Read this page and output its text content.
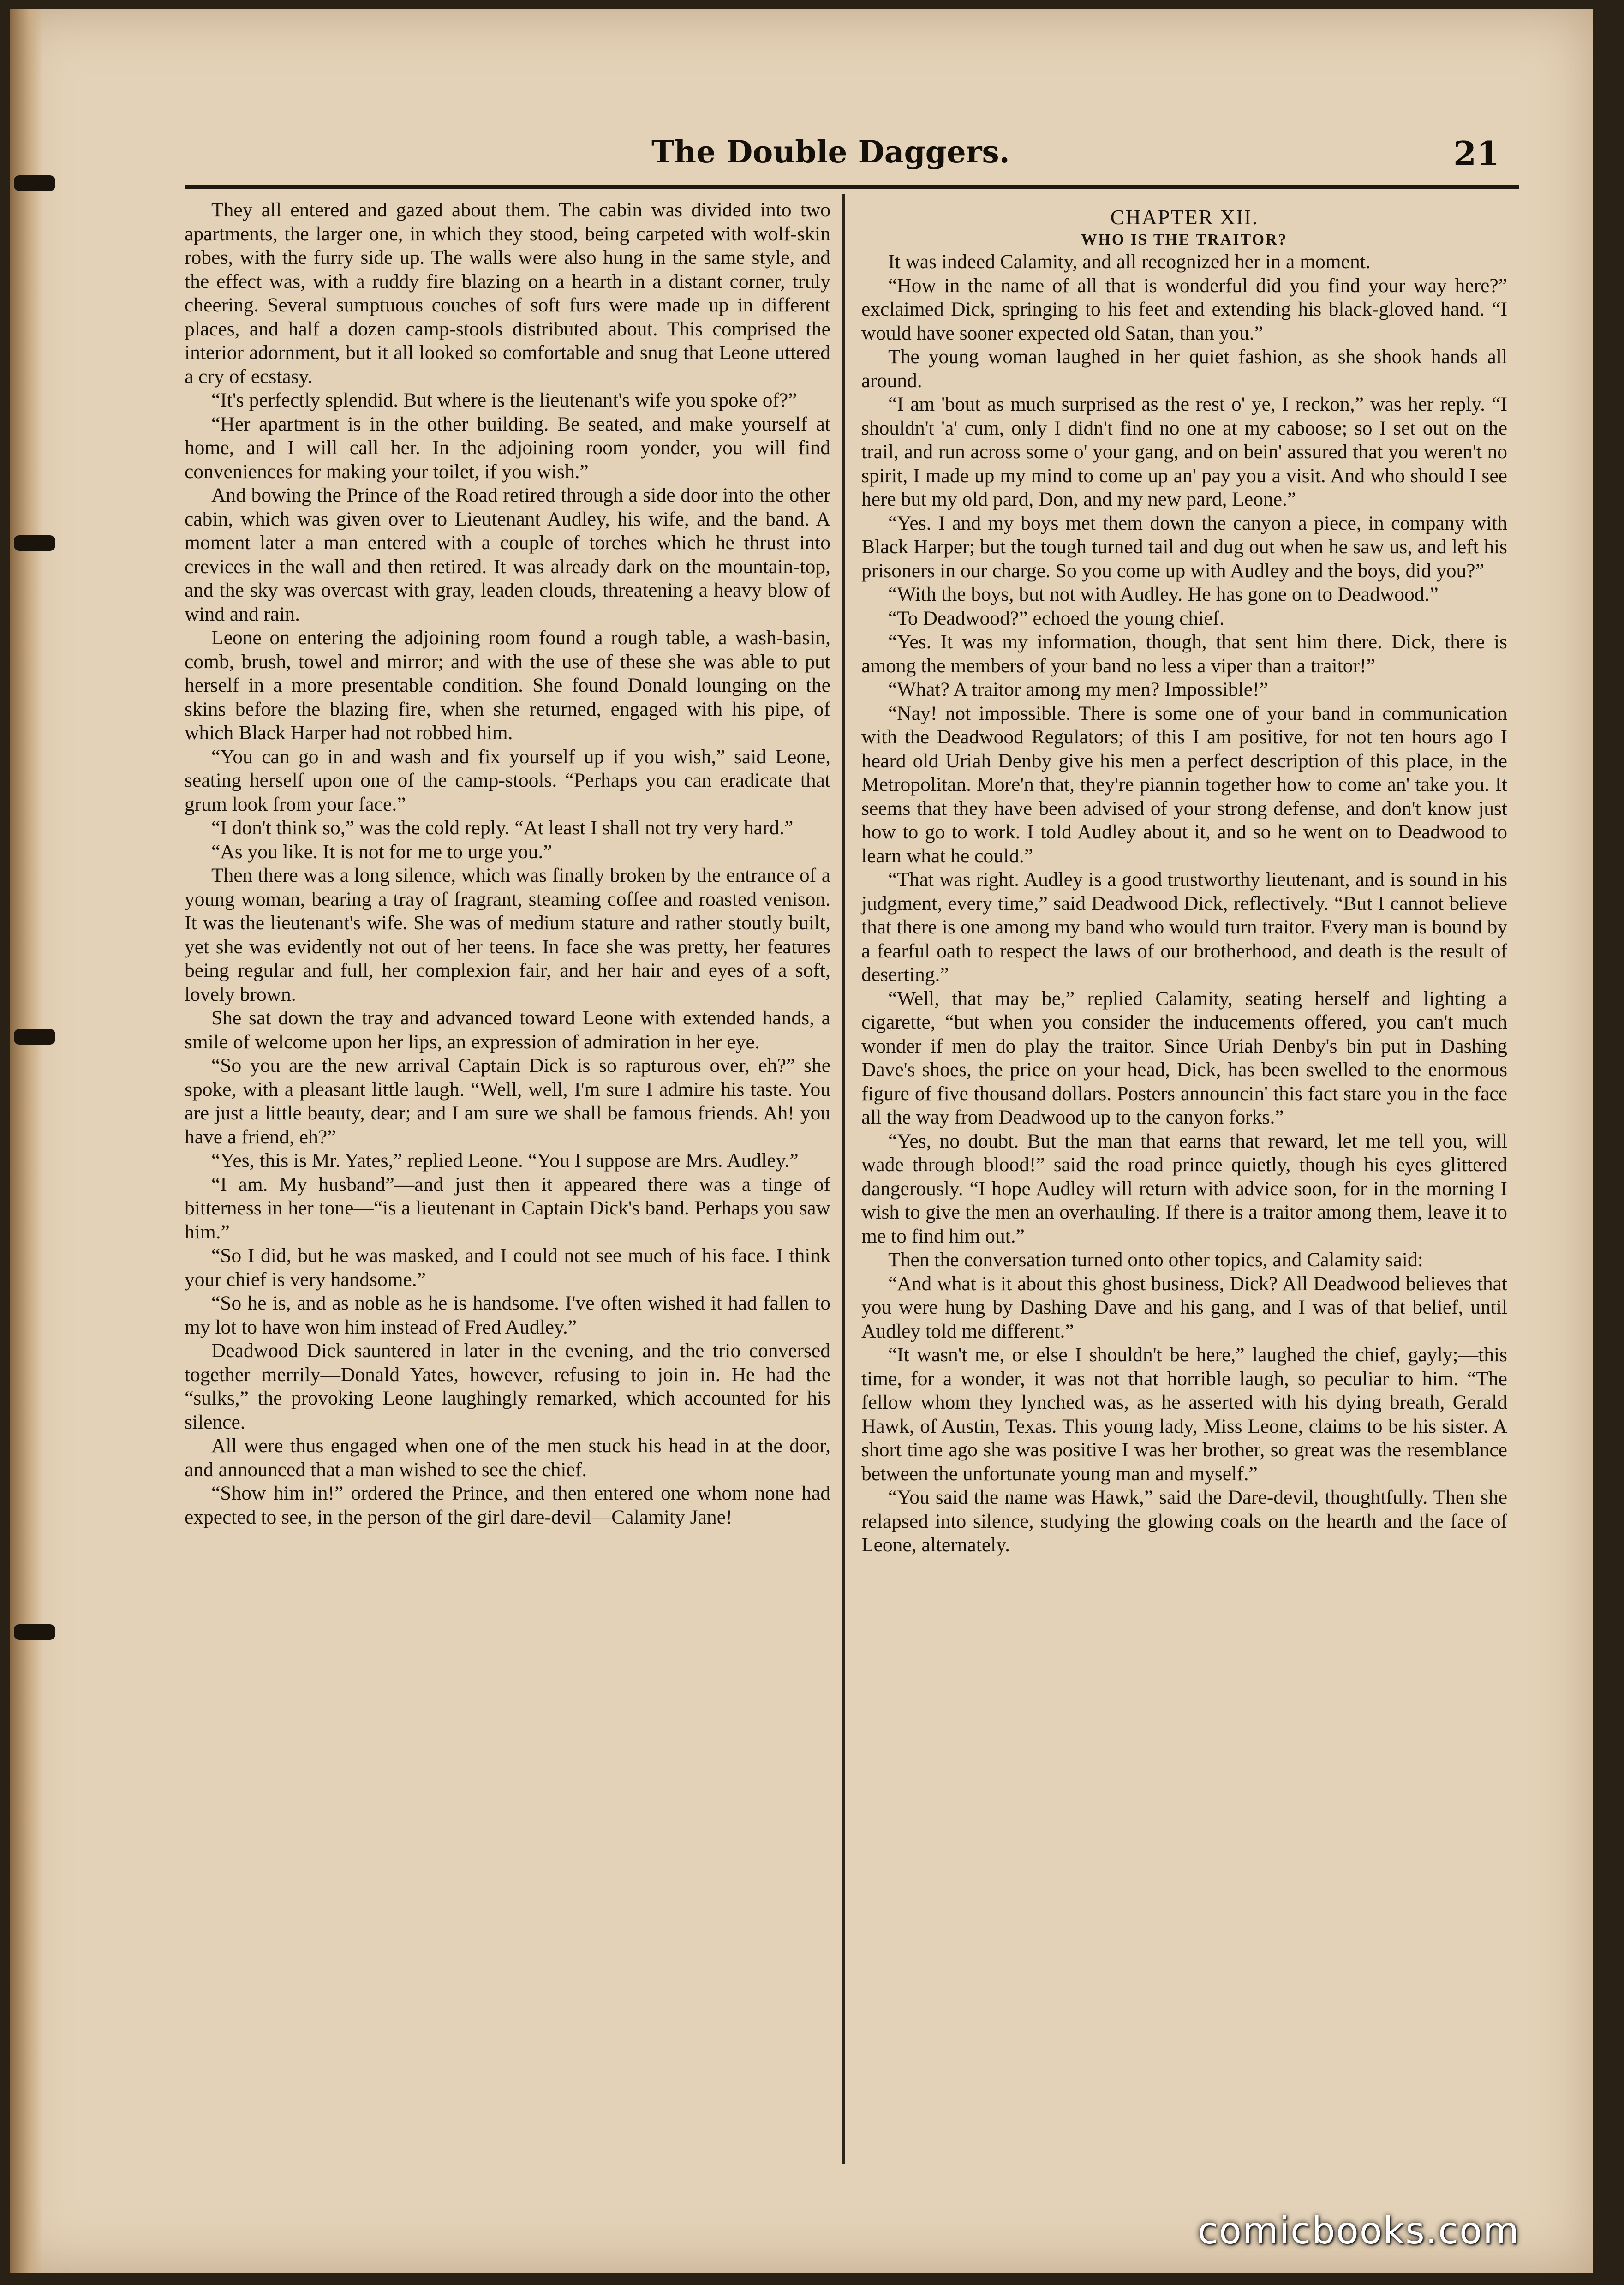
The Double Daggers.	21

They all entered and gazed about them. The cabin was divided into two apartments, the larger one, in which they stood, being carpeted with wolf-skin robes, with the furry side up. The walls were also hung in the same style, and the effect was, with a ruddy fire blazing on a hearth in a distant corner, truly cheering. Several sumptuous couches of soft furs were made up in different places, and half a dozen camp-stools distributed about. This comprised the interior adornment, but it all looked so comfortable and snug that Leone uttered a cry of ecstasy.

“It's perfectly splendid. But where is the lieutenant's wife you spoke of?”

“Her apartment is in the other building. Be seated, and make yourself at home, and I will call her. In the adjoining room yonder, you will find conveniences for making your toilet, if you wish.”

And bowing the Prince of the Road retired through a side door into the other cabin, which was given over to Lieutenant Audley, his wife, and the band. A moment later a man entered with a couple of torches which he thrust into crevices in the wall and then retired. It was already dark on the mountain-top, and the sky was overcast with gray, leaden clouds, threatening a heavy blow of wind and rain.

Leone on entering the adjoining room found a rough table, a wash-basin, comb, brush, towel and mirror; and with the use of these she was able to put herself in a more presentable condition. She found Donald lounging on the skins before the blazing fire, when she returned, engaged with his pipe, of which Black Harper had not robbed him.

“You can go in and wash and fix yourself up if you wish,” said Leone, seating herself upon one of the camp-stools. “Perhaps you can eradicate that grum look from your face.”

“I don't think so,” was the cold reply. “At least I shall not try very hard.”

“As you like. It is not for me to urge you.”

Then there was a long silence, which was finally broken by the entrance of a young woman, bearing a tray of fragrant, steaming coffee and roasted venison. It was the lieutenant's wife. She was of medium stature and rather stoutly built, yet she was evidently not out of her teens. In face she was pretty, her features being regular and full, her complexion fair, and her hair and eyes of a soft, lovely brown.

She sat down the tray and advanced toward Leone with extended hands, a smile of welcome upon her lips, an expression of admiration in her eye.

“So you are the new arrival Captain Dick is so rapturous over, eh?” she spoke, with a pleasant little laugh. “Well, well, I'm sure I admire his taste. You are just a little beauty, dear; and I am sure we shall be famous friends. Ah! you have a friend, eh?”

“Yes, this is Mr. Yates,” replied Leone. “You I suppose are Mrs. Audley.”

“I am. My husband”—and just then it appeared there was a tinge of bitterness in her tone—“is a lieutenant in Captain Dick's band. Perhaps you saw him.”

“So I did, but he was masked, and I could not see much of his face. I think your chief is very handsome.”

“So he is, and as noble as he is handsome. I've often wished it had fallen to my lot to have won him instead of Fred Audley.”

Deadwood Dick sauntered in later in the evening, and the trio conversed together merrily—Donald Yates, however, refusing to join in. He had the “sulks,” the provoking Leone laughingly remarked, which accounted for his silence.

All were thus engaged when one of the men stuck his head in at the door, and announced that a man wished to see the chief.

“Show him in!” ordered the Prince, and then entered one whom none had expected to see, in the person of the girl dare-devil—Calamity Jane!

CHAPTER XII.
WHO IS THE TRAITOR?

It was indeed Calamity, and all recognized her in a moment.

“How in the name of all that is wonderful did you find your way here?” exclaimed Dick, springing to his feet and extending his black-gloved hand. “I would have sooner expected old Satan, than you.”

The young woman laughed in her quiet fashion, as she shook hands all around.

“I am 'bout as much surprised as the rest o' ye, I reckon,” was her reply. “I shouldn't 'a' cum, only I didn't find no one at my caboose; so I set out on the trail, and run across some o' your gang, and on bein' assured that you weren't no spirit, I made up my mind to come up an' pay you a visit. And who should I see here but my old pard, Don, and my new pard, Leone.”

“Yes. I and my boys met them down the canyon a piece, in company with Black Harper; but the tough turned tail and dug out when he saw us, and left his prisoners in our charge. So you come up with Audley and the boys, did you?”

“With the boys, but not with Audley. He has gone on to Deadwood.”

“To Deadwood?” echoed the young chief.

“Yes. It was my information, though, that sent him there. Dick, there is among the members of your band no less a viper than a traitor!”

“What? A traitor among my men? Impossible!”

“Nay! not impossible. There is some one of your band in communication with the Deadwood Regulators; of this I am positive, for not ten hours ago I heard old Uriah Denby give his men a perfect description of this place, in the Metropolitan. More'n that, they're piannin together how to come an' take you. It seems that they have been advised of your strong defense, and don't know just how to go to work. I told Audley about it, and so he went on to Deadwood to learn what he could.”

“That was right. Audley is a good trustworthy lieutenant, and is sound in his judgment, every time,” said Deadwood Dick, reflectively. “But I cannot believe that there is one among my band who would turn traitor. Every man is bound by a fearful oath to respect the laws of our brotherhood, and death is the result of deserting.”

“Well, that may be,” replied Calamity, seating herself and lighting a cigarette, “but when you consider the inducements offered, you can't much wonder if men do play the traitor. Since Uriah Denby's bin put in Dashing Dave's shoes, the price on your head, Dick, has been swelled to the enormous figure of five thousand dollars. Posters announcin' this fact stare you in the face all the way from Deadwood up to the canyon forks.”

“Yes, no doubt. But the man that earns that reward, let me tell you, will wade through blood!” said the road prince quietly, though his eyes glittered dangerously. “I hope Audley will return with advice soon, for in the morning I wish to give the men an overhauling. If there is a traitor among them, leave it to me to find him out.”

Then the conversation turned onto other topics, and Calamity said:

“And what is it about this ghost business, Dick? All Deadwood believes that you were hung by Dashing Dave and his gang, and I was of that belief, until Audley told me different.”

“It wasn't me, or else I shouldn't be here,” laughed the chief, gayly;—this time, for a wonder, it was not that horrible laugh, so peculiar to him. “The fellow whom they lynched was, as he asserted with his dying breath, Gerald Hawk, of Austin, Texas. This young lady, Miss Leone, claims to be his sister. A short time ago she was positive I was her brother, so great was the resemblance between the unfortunate young man and myself.”

“You said the name was Hawk,” said the Dare-devil, thoughtfully. Then she relapsed into silence, studying the glowing coals on the hearth and the face of Leone, alternately.

comicbooks.com
